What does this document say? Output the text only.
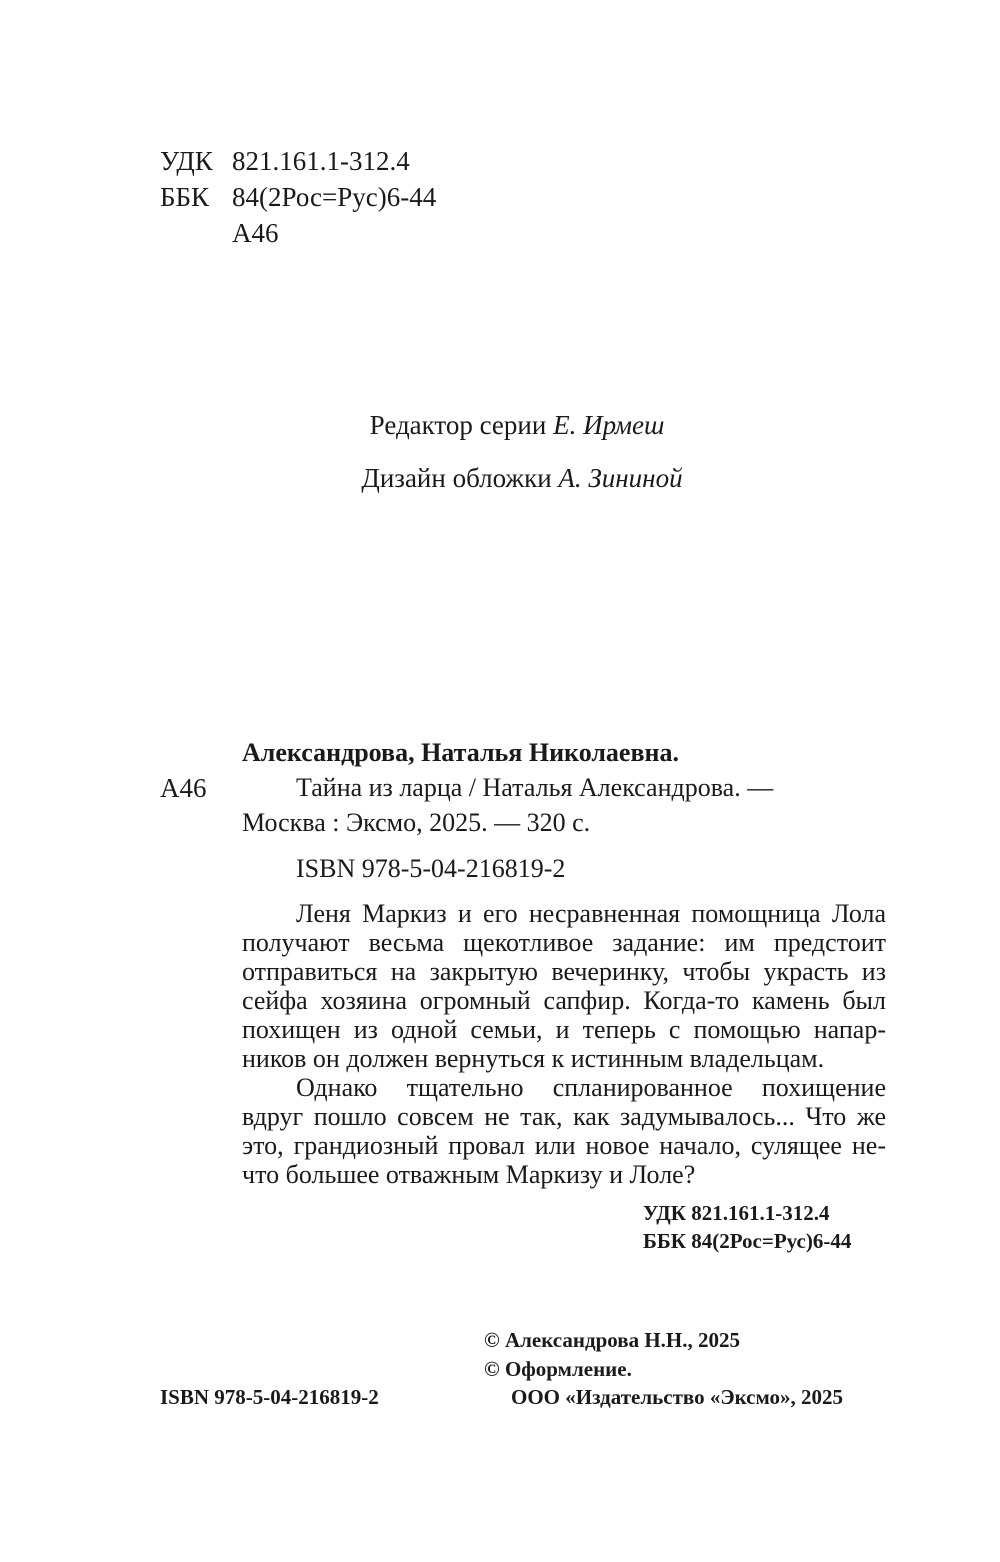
УДК 821.161.1-312.4
ББК 84(2Рос=Рус)6-44
А46
Редактор серии Е. Ирмеш
Дизайн обложки А. Зининой
Александрова, Наталья Николаевна.
А46	Тайна из ларца / Наталья Александрова. —
Москва : Эксмо, 2025. — 320 с.
ISBN 978-5-04-216819-2
Леня Маркиз и его несравненная помощница Лола
получают весьма щекотливое задание: им предстоит
отправиться на закрытую вечеринку, чтобы украсть из
сейфа хозяина огромный сапфир. Когда-то камень был
похищен из одной семьи, и теперь с помощью напар-
ников он должен вернуться к истинным владельцам.
Однако тщательно спланированное похищение
вдруг пошло совсем не так, как задумывалось... Что же
это, грандиозный провал или новое начало, сулящее не-
что большее отважным Маркизу и Лоле?
УДК 821.161.1-312.4
ББК 84(2Рос=Рус)6-44
© Александрова Н.Н., 2025
© Оформление.
ООО «Издательство «Эксмо», 2025
ISBN 978-5-04-216819-2
